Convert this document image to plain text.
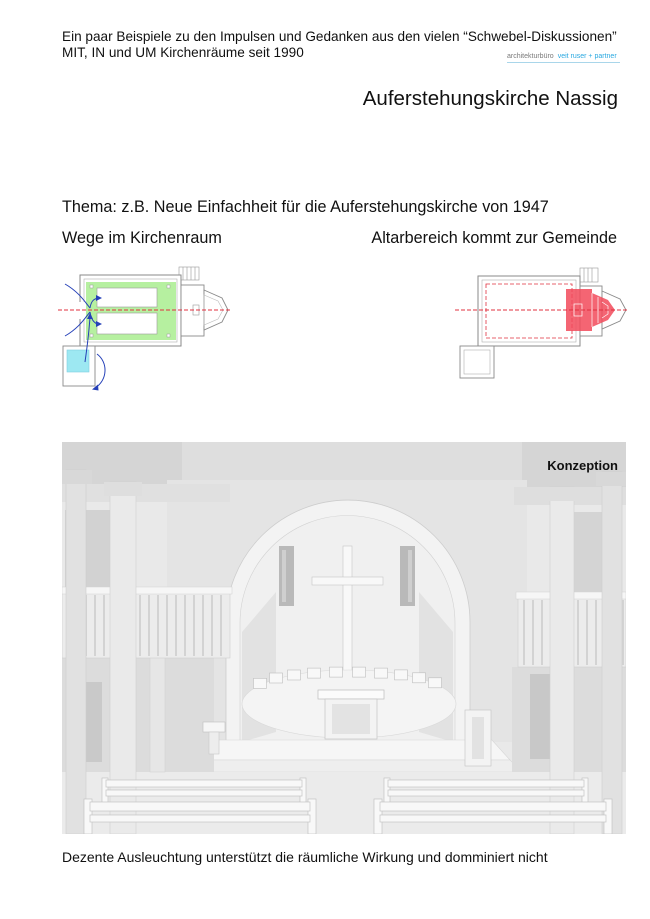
Ein paar Beispiele zu den Impulsen und Gedanken aus den vielen “Schwebel-Diskussionen”
MIT, IN und UM Kirchenräume seit 1990	architekturbüro veit ruser + partner
Auferstehungskirche Nassig
Thema: z.B. Neue Einfachheit für die Auferstehungskirche von 1947
Wege im Kirchenraum	Altarbereich kommt zur Gemeinde
Konzeption
Dezente Ausleuchtung unterstützt die räumliche Wirkung und domminiert nicht
